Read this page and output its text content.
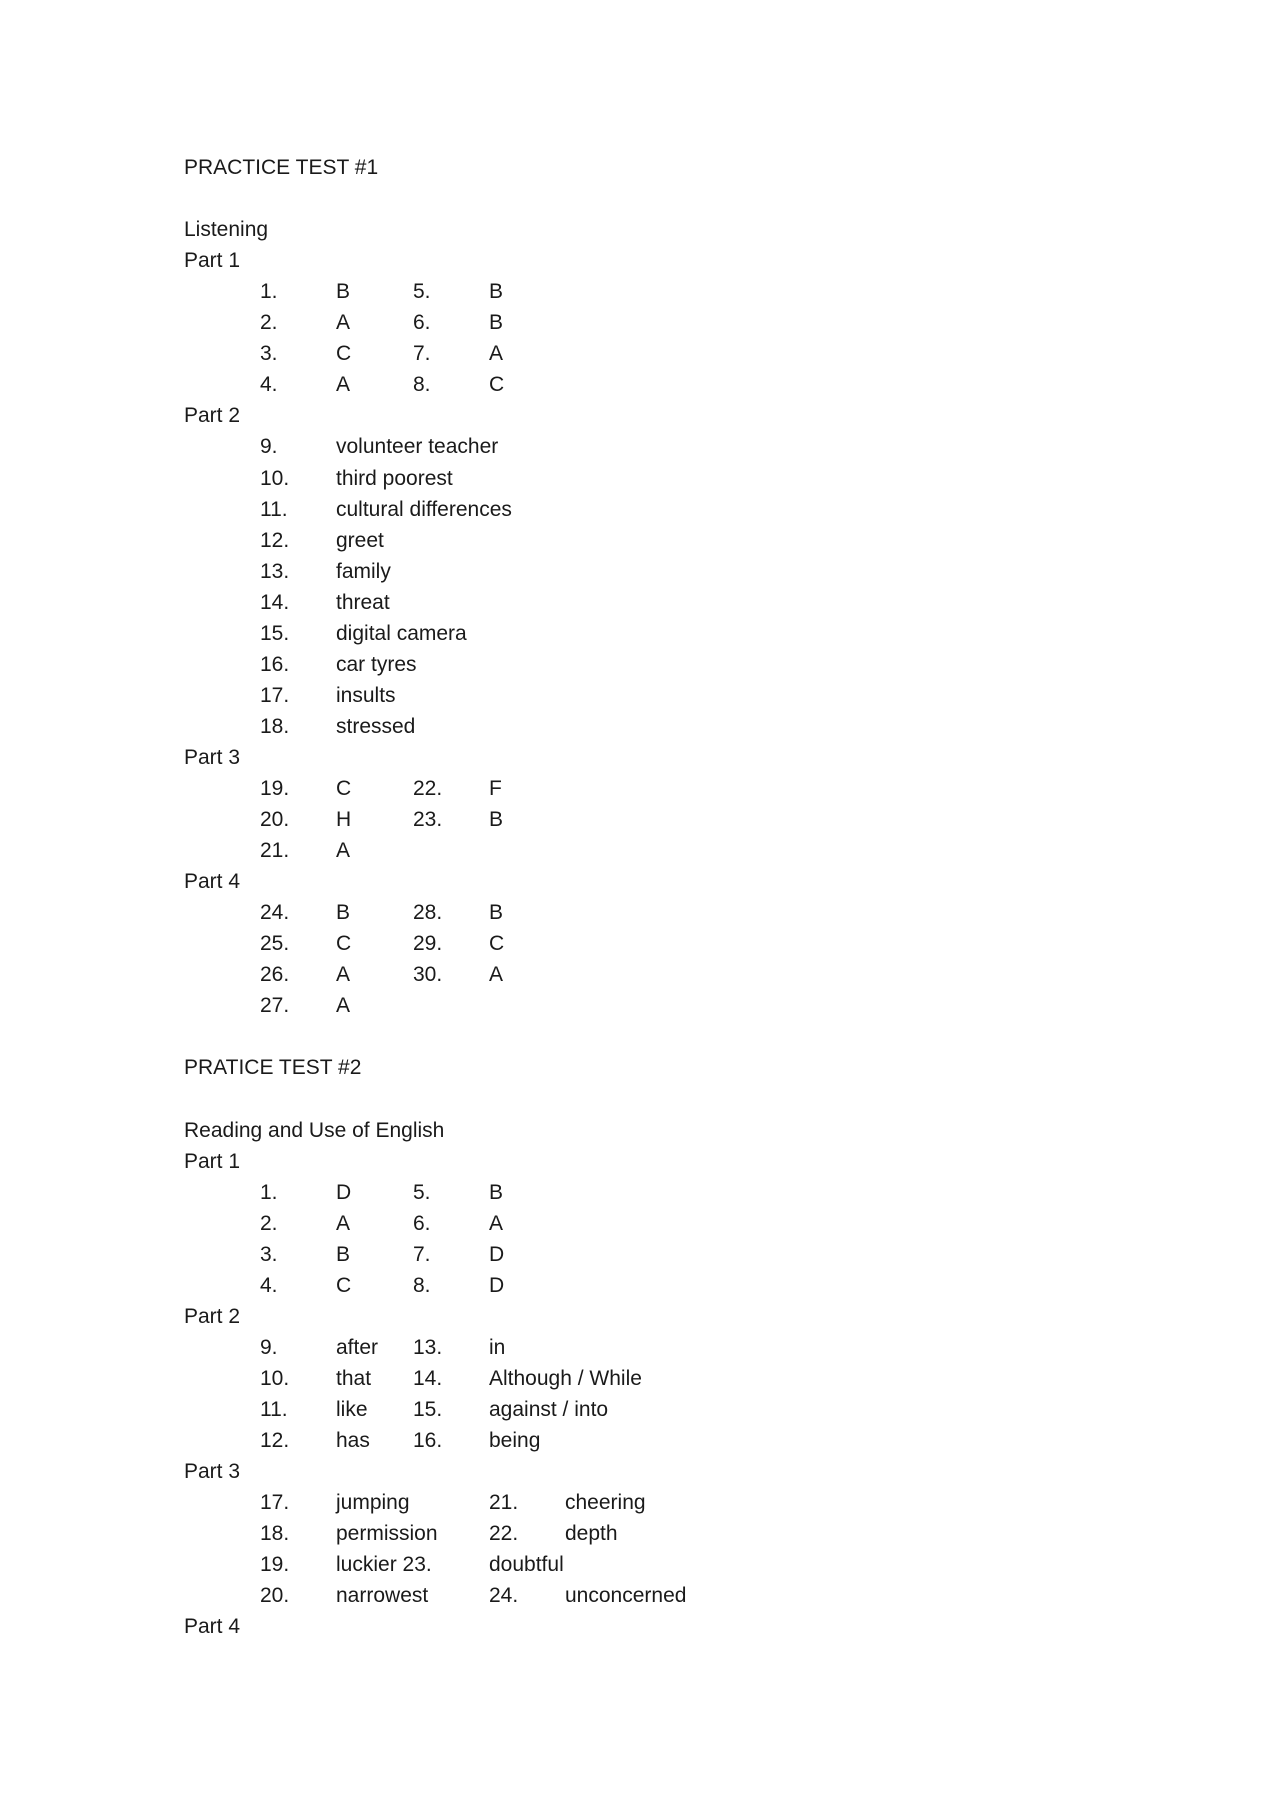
PRACTICE TEST #1
Listening
Part 1
1.	B	5.	B
2.	A	6.	B
3.	C	7.	A
4.	A	8.	C
Part 2
9.	volunteer teacher
10. third poorest
11. cultural differences
12. greet
13. family
14. threat
15. digital camera
16. car tyres
17. insults
18. stressed
Part 3
19. C	22. F
20. H	23. B
21. A
Part 4
24. B	28. B
25. C	29. C
26. A	30. A
27. A
PRATICE TEST #2
Reading and Use of English
Part 1
1.	D	5.	B
2.	A	6.	A
3.	B	7.	D
4.	C	8.	D
Part 2
9.	after 13. in
10. that 14. Although / While
11. like 15. against / into
12. has 16. being
Part 3
17. jumping	21. cheering
18. permission 22. depth
19. luckier 23.	doubtful
20. narrowest	24. unconcerned
Part 4
